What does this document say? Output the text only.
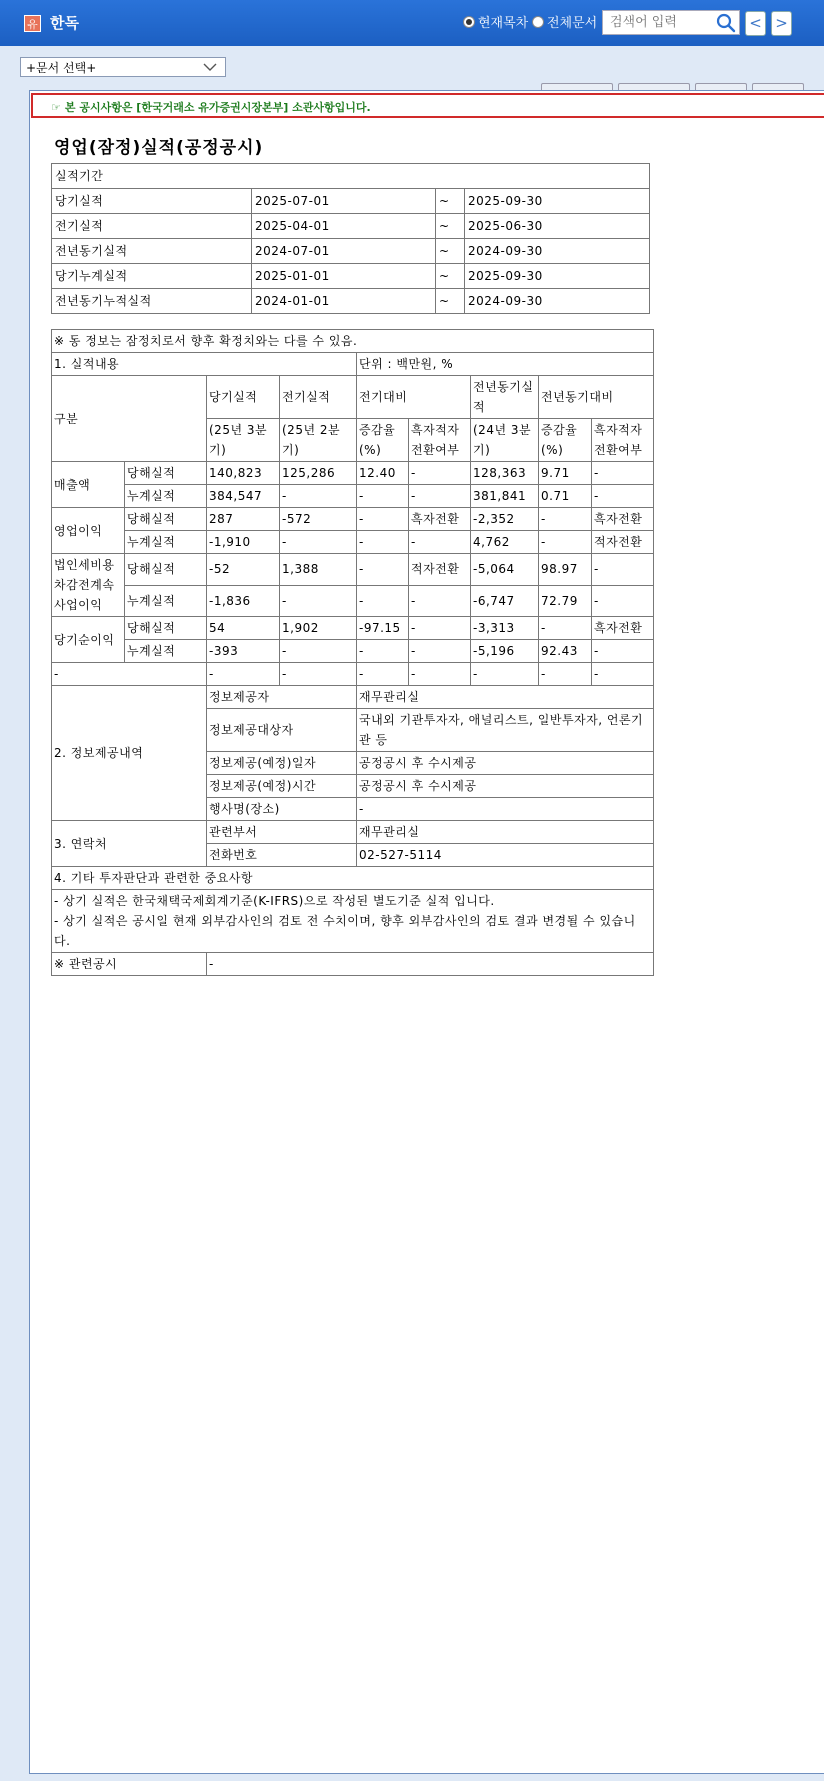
유 한독	현재목차 전체문서
검색어 입력	< >
+문서 선택+
☞ 본 공시사항은 [한국거래소 유가증권시장본부] 소관사항입니다.
영업(잠정)실적(공정공시)
실적기간			
당기실적	2025-07-01	~	2025-09-30
전기실적	2025-04-01	~	2025-06-30
전년동기실적	2024-07-01	~	2024-09-30
당기누계실적	2025-01-01	~	2025-09-30
전년동기누적실적	2024-01-01	~	2024-09-30
※ 동 정보는 잠정치로서 향후 확정치와는 다를 수 있음.								
1. 실적내용				단위 : 백만원, %				
구분		당기실적	전기실적	전기대비		전년동기실적	전년동기대비	
		(25년 3분기)	(25년 2분기)	증감율(%)	흑자적자전환여부	(24년 3분기)	증감율(%)	흑자적자전환여부
매출액	당해실적	140,823	125,286	12.40	-	128,363	9.71	-
	누계실적	384,547	-	-	-	381,841	0.71	-
영업이익	당해실적	287	-572	-	흑자전환	-2,352	-	흑자전환
	누계실적	-1,910	-	-	-	4,762	-	적자전환
법인세비용차감전계속사업이익	당해실적	-52	1,388	-	적자전환	-5,064	98.97	-
	누계실적	-1,836	-	-	-	-6,747	72.79	-
당기순이익	당해실적	54	1,902	-97.15	-	-3,313	-	흑자전환
	누계실적	-393	-	-	-	-5,196	92.43	-
-		-	-	-	-	-	-	-
2. 정보제공내역		정보제공자		재무관리실				
		정보제공대상자		국내외 기관투자자, 애널리스트, 일반투자자, 언론기관 등				
		정보제공(예정)일자		공정공시 후 수시제공				
		정보제공(예정)시간		공정공시 후 수시제공				
		행사명(장소)		-				
3. 연락처		관련부서		재무관리실				
		전화번호		02-527-5114				
4. 기타 투자판단과 관련한 중요사항								

- 상기 실적은 한국채택국제회계기준(K-IFRS)으로 작성된 별도기준 실적 입니다.
- 상기 실적은 공시일 현재 외부감사인의 검토 전 수치이며, 향후 외부감사인의 검토 결과 변경될 수 있습니다.								

※ 관련공시		-						
